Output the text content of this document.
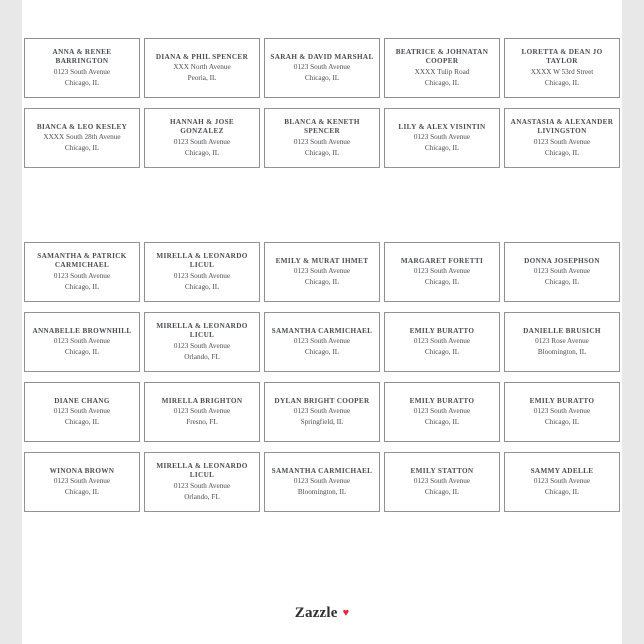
ANNA & RENEE BARRINGTON
0123 South Avenue
Chicago, IL
DIANA & PHIL SPENCER
XXX North Avenue
Peoria, IL
SARAH & DAVID MARSHAL
0123 South Avenue
Chicago, IL
BEATRICE & JOHNATAN COOPER
XXXX Tulip Road
Chicago, IL
LORETTA & DEAN JO TAYLOR
XXXX W 53rd Street
Chicago, IL
BIANCA & LEO KESLEY
XXXX South 28th Avenue
Chicago, IL
HANNAH & JOSE GONZALEZ
0123 South Avenue
Chicago, IL
BLANCA & KENETH SPENCER
0123 South Avenue
Chicago, IL
LILY & ALEX VISINTIN
0123 South Avenue
Chicago, IL
ANASTASIA & ALEXANDER LIVINGSTON
0123 South Avenue
Chicago, IL
SAMANTHA & PATRICK CARMICHAEL
0123 South Avenue
Chicago, IL
MIRELLA & LEONARDO LICUL
0123 South Avenue
Chicago, IL
EMILY & MURAT IHMET
0123 South Avenue
Chicago, IL
MARGARET FORETTI
0123 South Avenue
Chicago, IL
DONNA JOSEPHSON
0123 South Avenue
Chicago, IL
ANNABELLE BROWNHILL
0123 South Avenue
Chicago, IL
MIRELLA & LEONARDO LICUL
0123 South Avenue
Orlando, FL
SAMANTHA CARMICHAEL
0123 South Avenue
Chicago, IL
EMILY BURATTO
0123 South Avenue
Chicago, IL
DANIELLE BRUSICH
0123 Rose Avenue
Bloomington, IL
DIANE CHANG
0123 South Avenue
Chicago, IL
MIRELLA BRIGHTON
0123 South Avenue
Fresno, FL
DYLAN BRIGHT COOPER
0123 South Avenue
Springfield, IL
EMILY BURATTO
0123 South Avenue
Chicago, IL
EMILY BURATTO
0123 South Avenue
Chicago, IL
WINONA BROWN
0123 South Avenue
Chicago, IL
MIRELLA & LEONARDO LICUL
0123 South Avenue
Orlando, FL
SAMANTHA CARMICHAEL
0123 South Avenue
Bloomington, IL
EMILY STATTON
0123 South Avenue
Chicago, IL
SAMMY ADELLE
0123 South Avenue
Chicago, IL
Zazzle ♥
